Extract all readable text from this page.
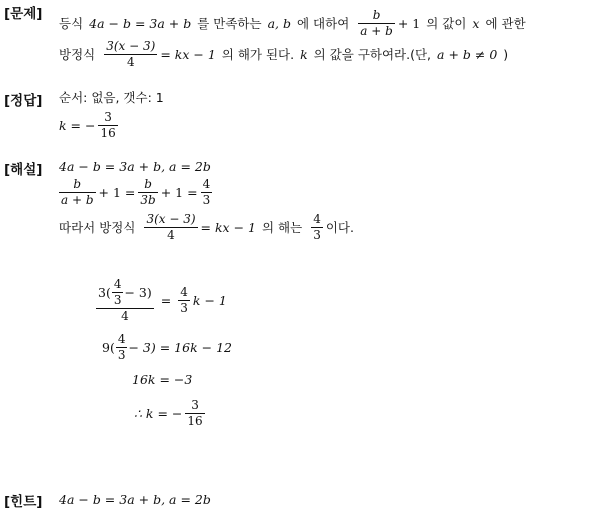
[문제]
[정답]
[해설]
[힌트]
등식 4a − b = 3a + b 를 만족하는 a, b 에 대하여 $\frac{b}{a + b} + 1$ 의 값이 x 에 관한
방정식 $\frac{3(x - 3)}{4}$ = kx − 1 의 해가 된다. k 의 값을 구하여라.(단, a + b ≠ 0 )
순서: 없음, 갯수: 1
k = − $\frac{3}{16}$
4a − b = 3a + b, a = 2b
$\frac{b}{a + b} + 1 = \frac{b}{3b} + 1 = \frac{4}{3}$
따라서 방정식 $\frac{3(x - 3)}{4}$ = kx − 1 의 해는 $\frac{4}{3}$ 이다.
$\frac{3( \frac{4}{3} - 3)}{4} = \frac{4}{3}$ k − 1
$9( \frac{4}{3} - 3) = 16k - 12$
16k = −3
∴ k = − $\frac{3}{16}$
4a − b = 3a + b, a = 2b
